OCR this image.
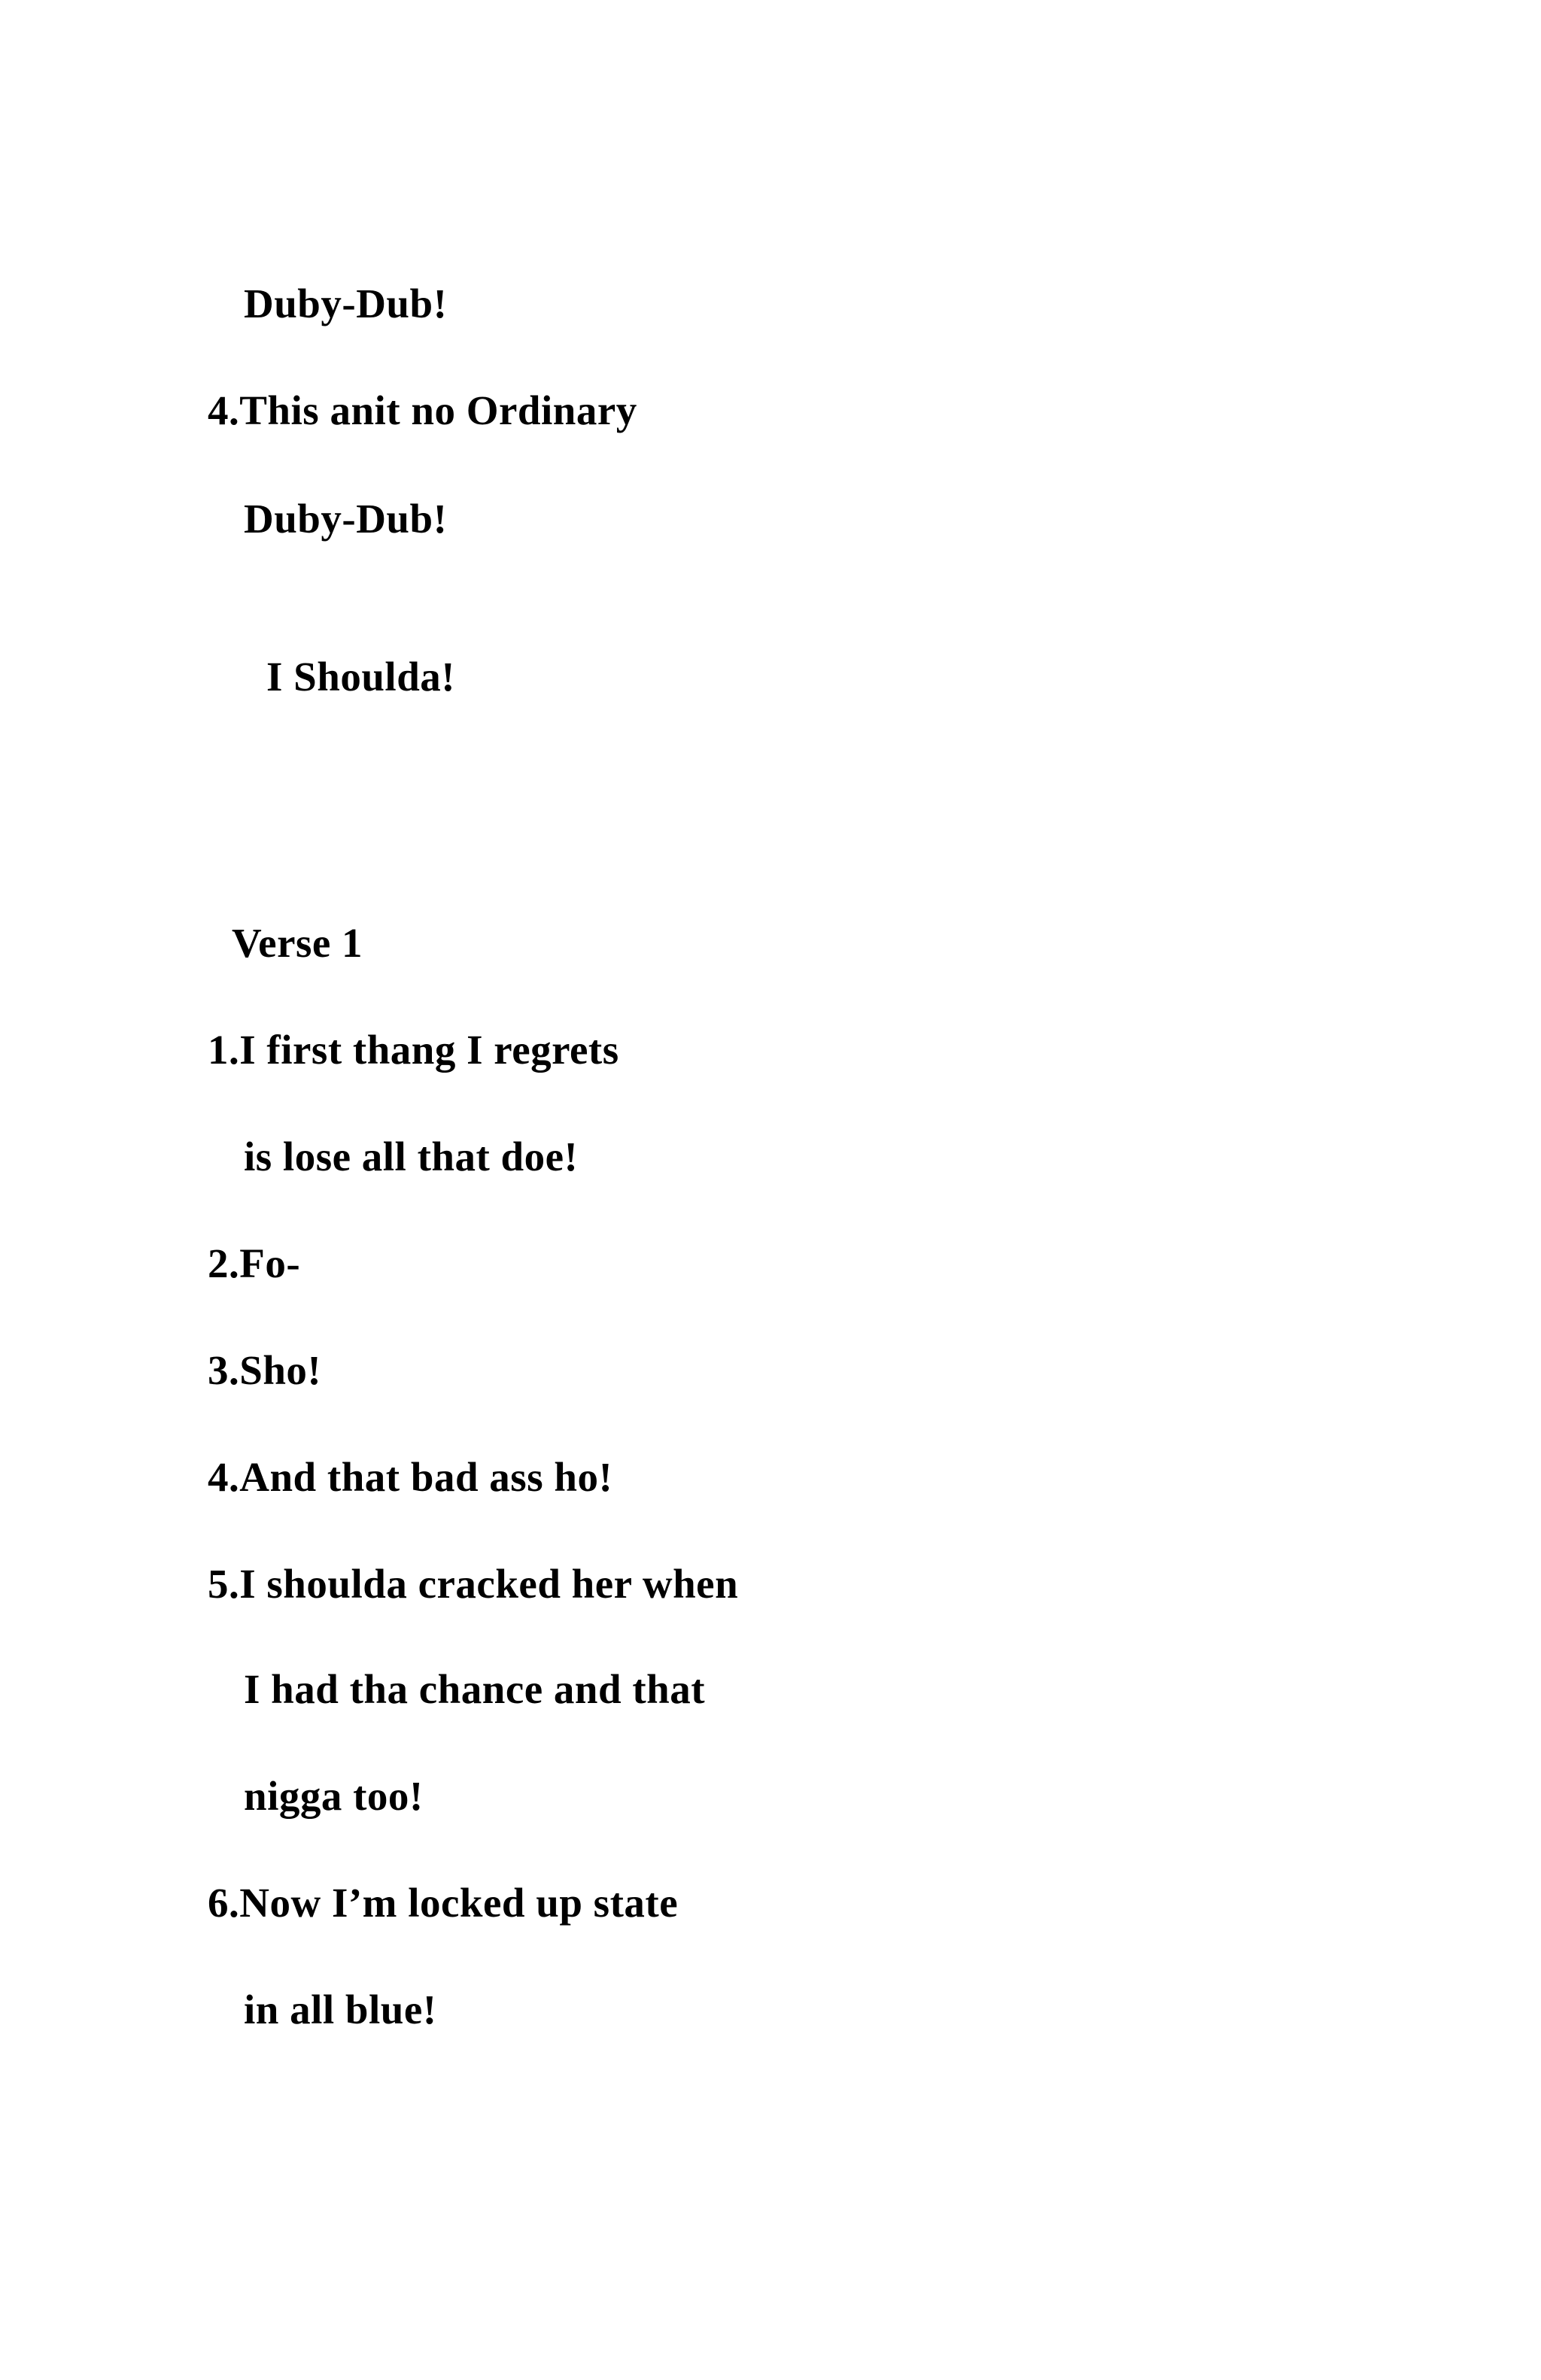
Duby-Dub!
4.This anit no Ordinary
Duby-Dub!
I Shoulda!
Verse 1
1.I first thang I regrets
is lose all that doe!
2.Fo-
3.Sho!
4.And that bad ass ho!
5.I shoulda cracked her when
I had tha chance and that
nigga too!
6.Now I’m locked up state
in all blue!
